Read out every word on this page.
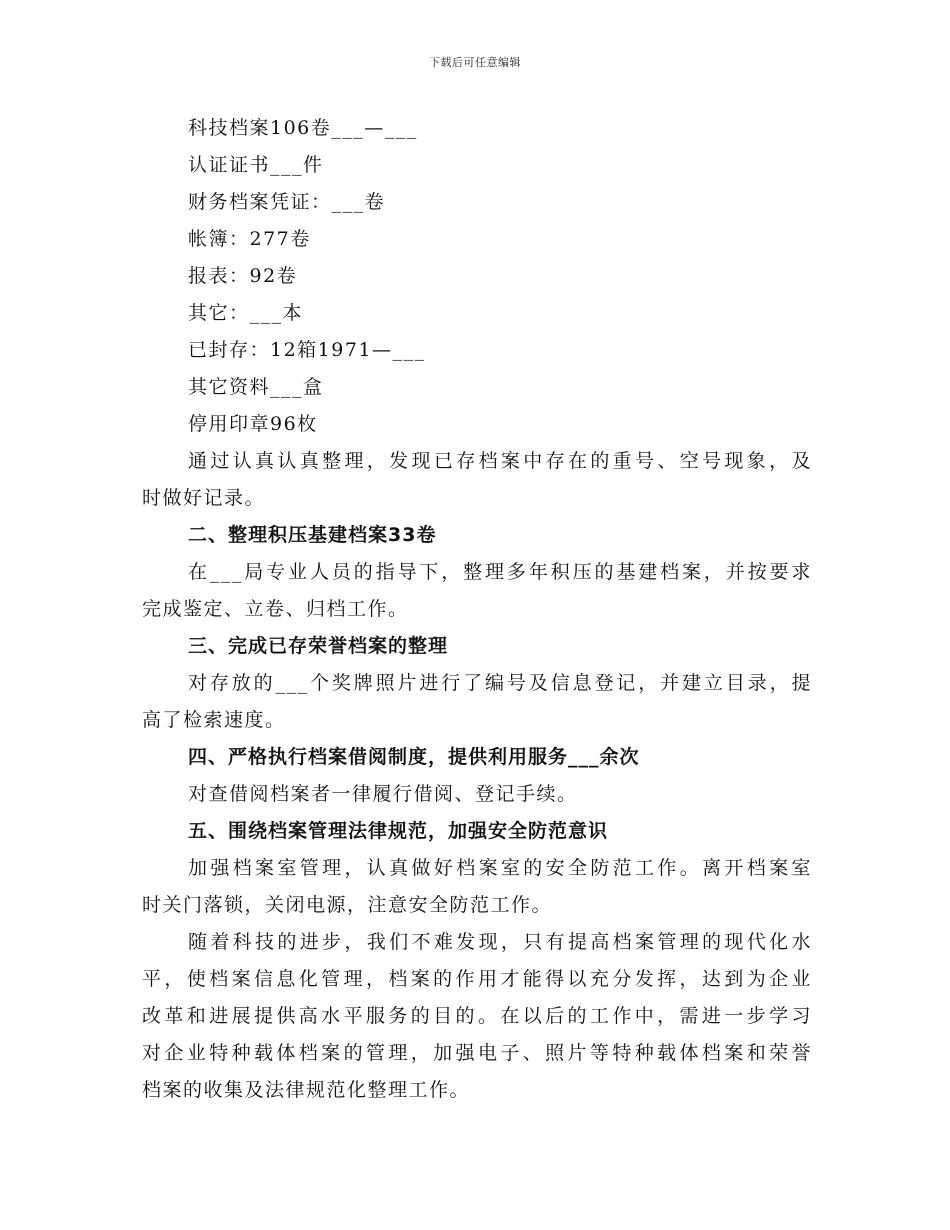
下载后可任意编辑
科技档案106卷___—___
认证证书___件
财务档案凭证：___卷
帐簿：277卷
报表：92卷
其它：___本
已封存：12箱1971—___
其它资料___盒
停用印章96枚
通过认真认真整理，发现已存档案中存在的重号、空号现象，及
时做好记录。
二、整理积压基建档案33卷
在___局专业人员的指导下，整理多年积压的基建档案，并按要求
完成鉴定、立卷、归档工作。
三、完成已存荣誉档案的整理
对存放的___个奖牌照片进行了编号及信息登记，并建立目录，提
高了检索速度。
四、严格执行档案借阅制度，提供利用服务___余次
对查借阅档案者一律履行借阅、登记手续。
五、围绕档案管理法律规范，加强安全防范意识
加强档案室管理，认真做好档案室的安全防范工作。离开档案室
时关门落锁，关闭电源，注意安全防范工作。
随着科技的进步，我们不难发现，只有提高档案管理的现代化水
平，使档案信息化管理，档案的作用才能得以充分发挥，达到为企业
改革和进展提供高水平服务的目的。在以后的工作中，需进一步学习
对企业特种载体档案的管理，加强电子、照片等特种载体档案和荣誉
档案的收集及法律规范化整理工作。
